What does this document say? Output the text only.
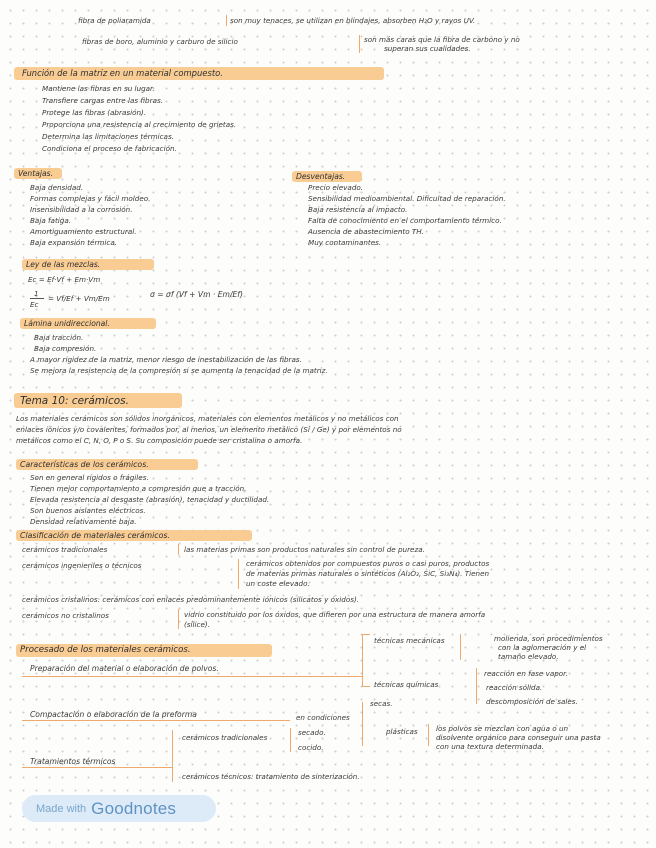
fibra de poliaramida	son muy tenaces, se utilizan en blindajes, absorben H₂O y rayos UV.
fibras de boro, aluminio y carburo de silicio	son más caras que la fibra de carbono y no
superan sus cualidades.
Función de la matriz en un material compuesto.
Mantiene las fibras en su lugar.
Transfiere cargas entre las fibras.
Protege las fibras (abrasión).
Proporciona una resistencia al crecimiento de grietas.
Determina las limitaciones térmicas.
Condiciona el proceso de fabricación.
Ventajas.
Baja densidad.
Formas complejas y fácil moldeo.
Insensibilidad a la corrosión.
Baja fatiga.
Amortiguamiento estructural.
Baja expansión térmica.
Desventajas.
Precio elevado.
Sensibilidad medioambiental. Dificultad de reparación.
Baja resistencia al impacto.
Falta de conocimiento en el comportamiento térmico.
Ausencia de abastecimiento TH.
Muy contaminantes.
Ley de las mezclas.
Ec = Ef·Vf + Em·Vm
1
Ec
= Vf/Ef + Vm/Em	σ = σf (Vf + Vm · Em/Ef)
Lámina unidireccional.
Baja tracción.
Baja compresión.
A mayor rigidez de la matriz, menor riesgo de inestabilización de las fibras.
Se mejora la resistencia de la compresión si se aumenta la tenacidad de la matriz.
Tema 10: cerámicos.
Los materiales cerámicos son sólidos inorgánicos, materiales con elementos metálicos y no metálicos con
enlaces iónicos y/o covalentes, formados por, al menos, un elemento metálico (Si / Ge) y por elementos no
metálicos como el C, N, O, P o S. Su composición puede ser cristalina o amorfa.
Características de los cerámicos.
Son en general rígidos o frágiles.
Tienen mejor comportamiento a compresión que a tracción.
Elevada resistencia al desgaste (abrasión), tenacidad y ductilidad.
Son buenos aislantes eléctricos.
Densidad relativamente baja.
Clasificación de materiales cerámicos.
cerámicos tradicionales	las materias primas son productos naturales sin control de pureza.
cerámicos ingenieriles o técnicos	cerámicos obtenidos por compuestos puros o casi puros, productos
de materias primas naturales o sintéticos (Al₂O₃, SiC, Si₃N₄). Tienen
un coste elevado.
cerámicos cristalinos: cerámicos con enlaces predominantemente iónicos (silicatos y óxidos).
cerámicos no cristalinos	vidrio constituido por los óxidos, que difieren por una estructura de manera amorfa
(sílice).
Procesado de los materiales cerámicos.
Preparación del material o elaboración de polvos.
técnicas mecánicas	molienda, son procedimientos
con la aglomeración y el
tamaño elevado.
técnicas químicas
reacción en fase vapor.
reacción sólida.
descomposición de sales.
Compactación o elaboración de la preforma	en condiciones
secas.
plásticas	los polvos se mezclan con agua o un
disolvente orgánico para conseguir una pasta
con una textura determinada.
Tratamientos térmicos
cerámicos tradicionales
secado.
cocido.
cerámicos técnicos: tratamiento de sinterización.
Made with Goodnotes
